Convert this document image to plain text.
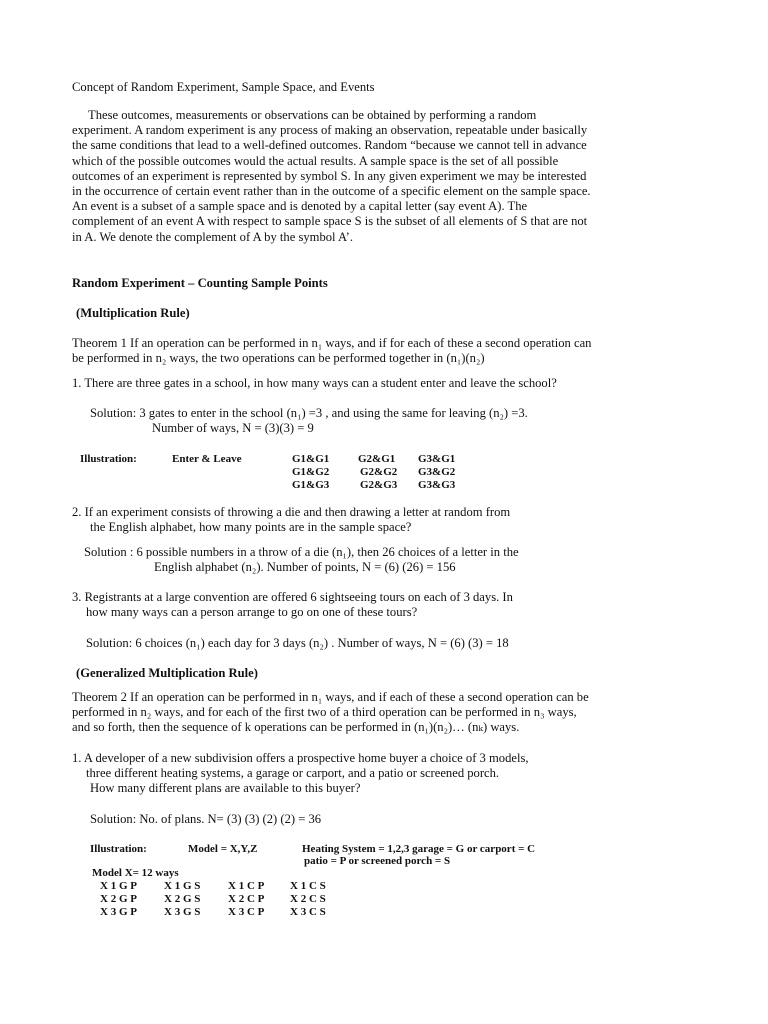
Concept of Random Experiment, Sample Space, and Events
These outcomes, measurements or observations can be obtained by performing a random
experiment. A random experiment is any process of making an observation, repeatable under basically
the same conditions that lead to a well-defined outcomes. Random “because we cannot tell in advance
which of the possible outcomes would the actual results. A sample space is the set of all possible
outcomes of an experiment is represented by symbol S. In any given experiment we may be interested
in the occurrence of certain event rather than in the outcome of a specific element on the sample space.
An event is a subset of a sample space and is denoted by a capital letter (say event A). The
complement of an event A with respect to sample space S is the subset of all elements of S that are not
in A. We denote the complement of A by the symbol A’.
Random Experiment – Counting Sample Points
(Multiplication Rule)
Theorem 1 If an operation can be performed in n₁ ways, and if for each of these a second operation can
be performed in n₂ ways, the two operations can be performed together in (n₁)(n₂)
1. There are three gates in a school, in how many ways can a student enter and leave the school?
Solution: 3 gates to enter in the school (n₁) =3 , and using the same for leaving (n₂) =3.
Number of ways, N = (3)(3) = 9
Illustration:	Enter & Leave	G1&G1	G2&G1 G3&G1
G1&G2	G2&G2 G3&G2
G1&G3	G2&G3 G3&G3
2. If an experiment consists of throwing a die and then drawing a letter at random from
the English alphabet, how many points are in the sample space?
Solution : 6 possible numbers in a throw of a die (n₁), then 26 choices of a letter in the
English alphabet (n₂). Number of points, N = (6) (26) = 156
3. Registrants at a large convention are offered 6 sightseeing tours on each of 3 days. In
how many ways can a person arrange to go on one of these tours?
Solution: 6 choices (n₁) each day for 3 days (n₂) . Number of ways, N = (6) (3) = 18
(Generalized Multiplication Rule)
Theorem 2 If an operation can be performed in n₁ ways, and if each of these a second operation can be
performed in n₂ ways, and for each of the first two of a third operation can be performed in n₃ ways,
and so forth, then the sequence of k operations can be performed in (n₁)(n₂)… (nₖ) ways.
1. A developer of a new subdivision offers a prospective home buyer a choice of 3 models,
three different heating systems, a garage or carport, and a patio or screened porch.
How many different plans are available to this buyer?
Solution: No. of plans. N= (3) (3) (2) (2) = 36
Illustration:	Model = X,Y,Z	Heating System = 1,2,3 garage = G or carport = C
patio = P or screened porch = S
Model X= 12 ways
X 1 G P X 1 G S	X 1 C P X 1 C S
X 2 G P X 2 G S	X 2 C P X 2 C S
X 3 G P X 3 G S	X 3 C P X 3 C S
